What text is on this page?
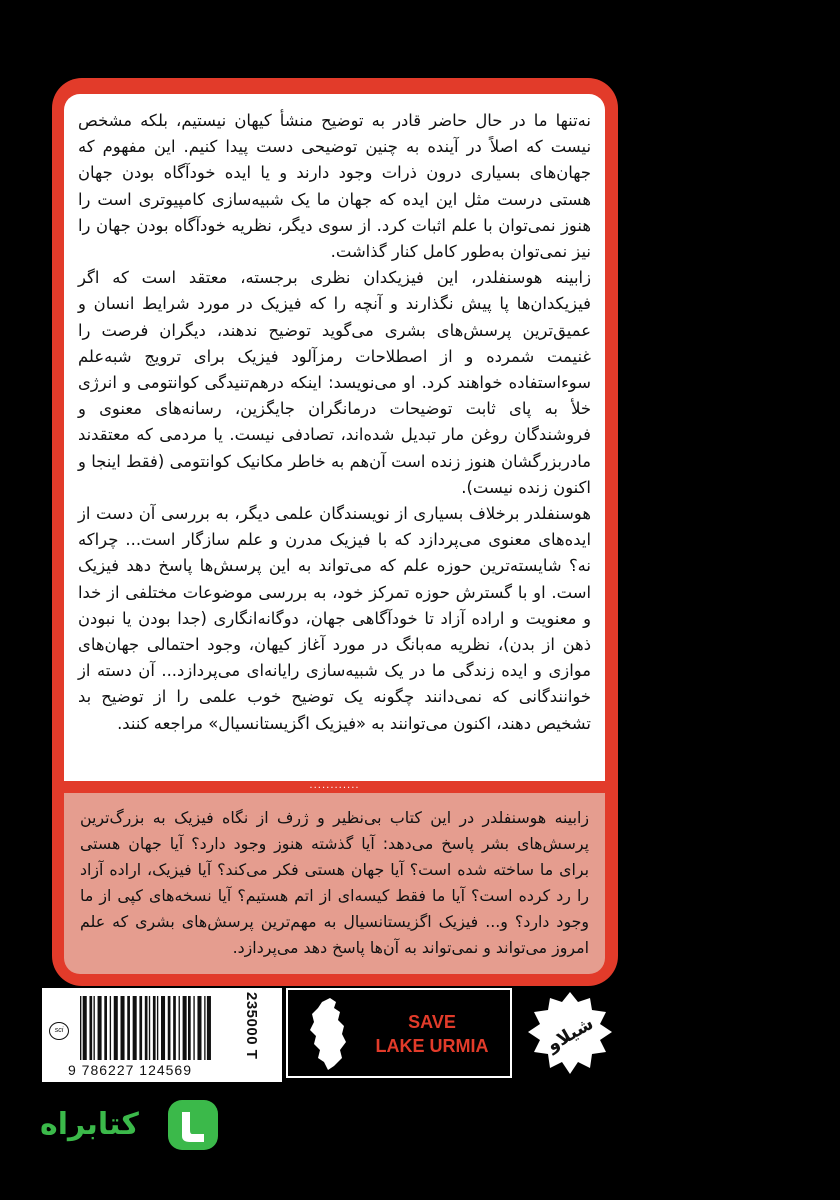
نه‌تنها ما در حال حاضر قادر به توضیح منشأ کیهان نیستیم، بلکه مشخص نیست که اصلاً در آینده به چنین توضیحی دست پیدا کنیم. این مفهوم که جهان‌های بسیاری درون ذرات وجود دارند و یا ایده خودآگاه بودن جهان هستی درست مثل این ایده که جهان ما یک شبیه‌سازی کامپیوتری است را هنوز نمی‌توان با علم اثبات کرد. از سوی دیگر، نظریه خودآگاه بودن جهان را نیز نمی‌توان به‌طور کامل کنار گذاشت.

زابینه هوسنفلدر، این فیزیکدان نظری برجسته، معتقد است که اگر فیزیکدان‌ها پا پیش نگذارند و آنچه را که فیزیک در مورد شرایط انسان و عمیق‌ترین پرسش‌های بشری می‌گوید توضیح ندهند، دیگران فرصت را غنیمت شمرده و از اصطلاحات رمزآلود فیزیک برای ترویج شبه‌علم سوءاستفاده خواهند کرد. او می‌نویسد: اینکه درهم‌تنیدگی کوانتومی و انرژی خلأ به پای ثابت توضیحات درمانگران جایگزین، رسانه‌های معنوی و فروشندگان روغن مار تبدیل شده‌اند، تصادفی نیست. یا مردمی که معتقدند مادربزرگشان هنوز زنده است آن‌هم به خاطر مکانیک کوانتومی (فقط اینجا و اکنون زنده نیست).

هوسنفلدر برخلاف بسیاری از نویسندگان علمی دیگر، به بررسی آن دست از ایده‌های معنوی می‌پردازد که با فیزیک مدرن و علم سازگار است... چراکه نه؟ شایسته‌ترین حوزه علم که می‌تواند به این پرسش‌ها پاسخ دهد فیزیک است. او با گسترش حوزه تمرکز خود، به بررسی موضوعات مختلفی از خدا و معنویت و اراده آزاد تا خودآگاهی جهان، دوگانه‌انگاری (جدا بودن یا نبودن ذهن از بدن)، نظریه مه‌بانگ در مورد آغاز کیهان، وجود احتمالی جهان‌های موازی و ایده زندگی ما در یک شبیه‌سازی رایانه‌ای می‌پردازد... آن دسته از خوانندگانی که نمی‌دانند چگونه یک توضیح خوب علمی را از توضیح بد تشخیص دهند، اکنون می‌توانند به «فیزیک اگزیستانسیال» مراجعه کنند.

............

زابینه هوسنفلدر در این کتاب بی‌نظیر و ژرف از نگاه فیزیک به بزرگ‌ترین پرسش‌های بشر پاسخ می‌دهد: آیا گذشته هنوز وجود دارد؟ آیا جهان هستی برای ما ساخته شده است؟ آیا جهان هستی فکر می‌کند؟ آیا فیزیک، اراده آزاد را رد کرده است؟ آیا ما فقط کیسه‌ای از اتم هستیم؟ آیا نسخه‌های کپی از ما وجود دارد؟ و... فیزیک اگزیستانسیال به مهم‌ترین پرسش‌های بشری که علم امروز می‌تواند و نمی‌تواند به آن‌ها پاسخ دهد می‌پردازد.

sci
9 786227 124569
235000 T	SAVE
LAKE URMIA	شیلاو
کتابراه
